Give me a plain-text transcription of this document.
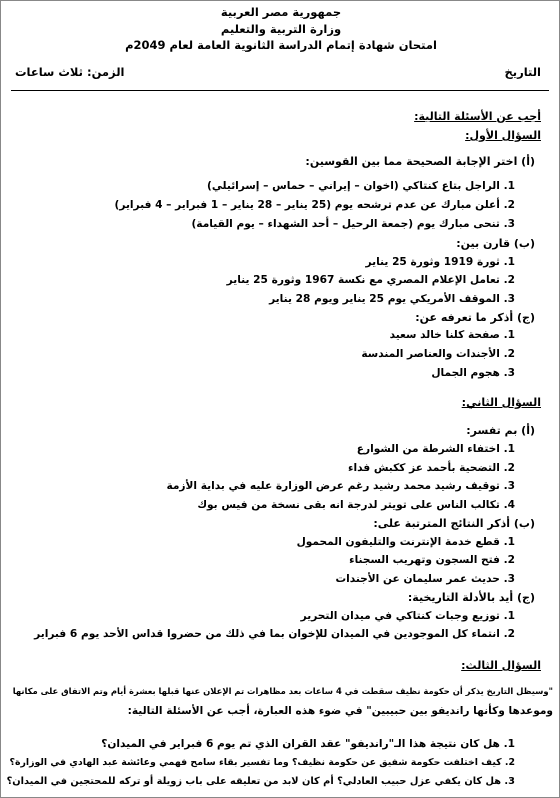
جمهورية مصر العربية
وزارة التربية والتعليم
امتحان شهادة إتمام الدراسة الثانوية العامة لعام 2049م
التاريخ
الزمن: ثلاث ساعات
أجب عن الأسئلة التالية:
السؤال الأول:
(أ) اختر الإجابة الصحيحة مما بين القوسين:
1. الراجل بتاع كنتاكي (اخوان – إيراني – حماس – إسرائيلي)
2. أعلن مبارك عن عدم ترشحه يوم (25 يناير – 28 يناير – 1 فبراير – 4 فبراير)
3. تنحى مبارك يوم (جمعة الرحيل – أحد الشهداء – يوم القيامة)
(ب) قارن بين:
1. ثورة 1919 وثورة 25 يناير
2. تعامل الإعلام المصري مع نكسة 1967 وثورة 25 يناير
3. الموقف الأمريكي يوم 25 يناير ويوم 28 يناير
(ج) أذكر ما تعرفه عن:
1. صفحة كلنا خالد سعيد
2. الأجندات والعناصر المندسة
3. هجوم الجمال
السؤال الثاني:
(أ) بم تفسر:
1. اختفاء الشرطة من الشوارع
2. التضحية بأحمد عز ككبش فداء
3. توقيف رشيد محمد رشيد رغم عرض الوزارة عليه في بداية الأزمة
4. تكالب الناس على تويتر لدرجة انه بقى نسخة من فيس بوك
(ب) أذكر النتائج المترتبة على:
1. قطع خدمة الإنترنت والتليفون المحمول
2. فتح السجون وتهريب السجناء
3. حديث عمر سليمان عن الأجندات
(ج) أيد بالأدلة التاريخية:
1. توزيع وجبات كنتاكي في ميدان التحرير
2. انتماء كل الموجودين في الميدان للإخوان بما في ذلك من حضروا قداس الأحد يوم 6 فبراير
السؤال الثالث:
"وسيظل التاريخ يذكر أن حكومة نظيف سقطت في 4 ساعات بعد مظاهرات تم الإعلان عنها قبلها بعشرة أيام وتم الاتفاق على مكانها
وموعدها وكأنها رانديفو بين حبيبين" في ضوء هذه العبارة، أجب عن الأسئلة التالية:
1. هل كان نتيجة هذا الـ"رانديفو" عقد القران الذي تم يوم 6 فبراير في الميدان؟
2. كيف اختلفت حكومة شفيق عن حكومة نظيف؟ وما تفسير بقاء سامح فهمي وعائشة عبد الهادي في الوزارة؟
3. هل كان يكفي عزل حبيب العادلي؟ أم كان لابد من تعليقه على باب زويلة أو تركه للمحتجين في الميدان؟
